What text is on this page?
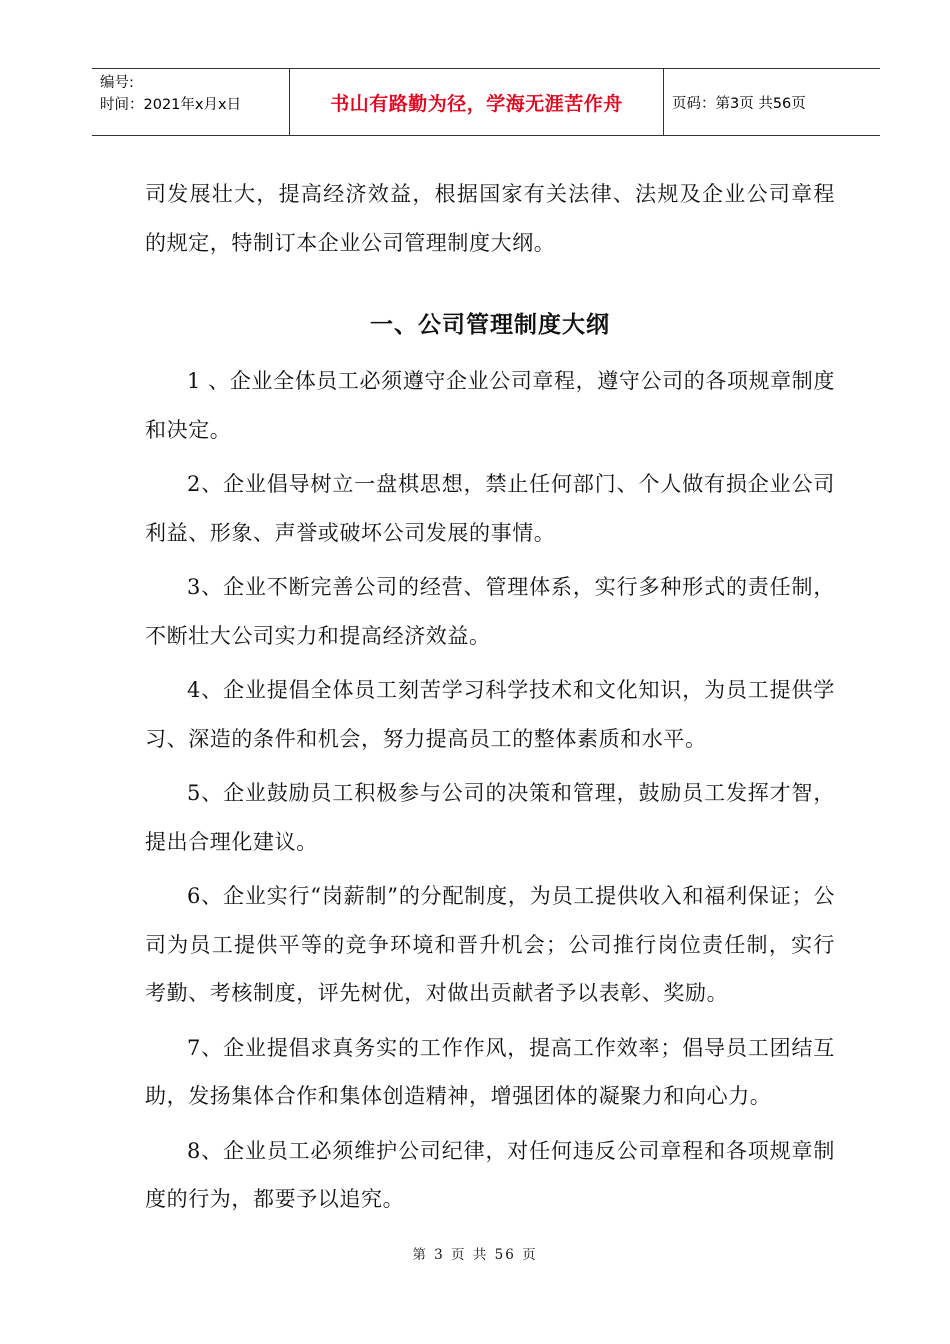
编号:
时间：2021年x月x日	书山有路勤为径，学海无涯苦作舟	页码：第3页 共56页

司发展壮大，提高经济效益，根据国家有关法律、法规及企业公司章程的规定，特制订本企业公司管理制度大纲。

一、公司管理制度大纲

1 、企业全体员工必须遵守企业公司章程，遵守公司的各项规章制度和决定。

2、企业倡导树立一盘棋思想，禁止任何部门、个人做有损企业公司利益、形象、声誉或破坏公司发展的事情。

3、企业不断完善公司的经营、管理体系，实行多种形式的责任制，不断壮大公司实力和提高经济效益。

4、企业提倡全体员工刻苦学习科学技术和文化知识，为员工提供学习、深造的条件和机会，努力提高员工的整体素质和水平。

5、企业鼓励员工积极参与公司的决策和管理，鼓励员工发挥才智，提出合理化建议。

6、企业实行“岗薪制”的分配制度，为员工提供收入和福利保证；公司为员工提供平等的竞争环境和晋升机会；公司推行岗位责任制，实行考勤、考核制度，评先树优，对做出贡献者予以表彰、奖励。

7、企业提倡求真务实的工作作风，提高工作效率；倡导员工团结互助，发扬集体合作和集体创造精神，增强团体的凝聚力和向心力。

8、企业员工必须维护公司纪律，对任何违反公司章程和各项规章制度的行为，都要予以追究。

第 3 页 共 56 页
